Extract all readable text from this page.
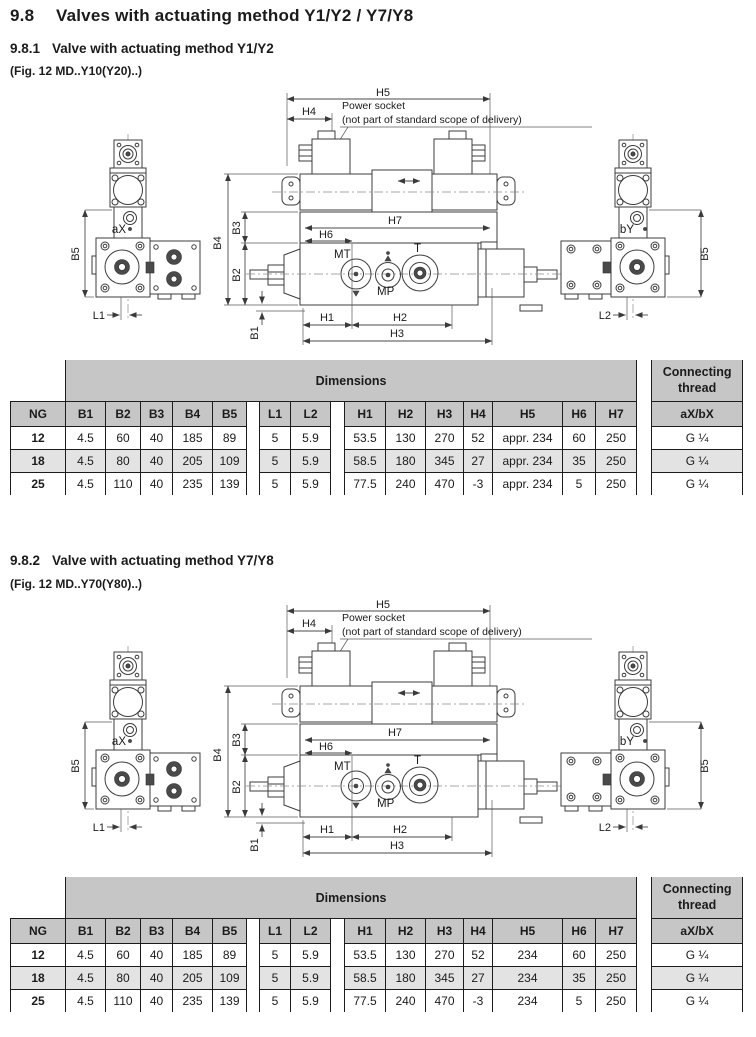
9.8 Valves with actuating method Y1/Y2 / Y7/Y8
9.8.1 Valve with actuating method Y1/Y2
(Fig. 12 MD..Y10(Y20)..)
H5
H4 Power socket
(not part of standard scope of delivery)
H7
H6
MT	T
MP
B4
B3
B2
B1
H1	H2
H3
aX
B5
L1
bY
B5
L2
	Dimensions																	Connecting
thread
NG	B1	B2	B3	B4	B5		L1	L2		H1	H2	H3	H4	H5	H6	H7		aX/bX
12	4.5	60	40	185	89		5	5.9		53.5	130	270	52	appr. 234	60	250		G ¼
18	4.5	80	40	205	109		5	5.9		58.5	180	345	27	appr. 234	35	250		G ¼
25	4.5	110	40	235	139		5	5.9		77.5	240	470	-3	appr. 234	5	250		G ¼
9.8.2 Valve with actuating method Y7/Y8
(Fig. 12 MD..Y70(Y80)..)
H5
H4 Power socket
(not part of standard scope of delivery)
H7
H6
MT	T
MP
B4
B3
B2
B1
H1	H2
H3
aX
B5
L1
bY
B5
L2
	Dimensions																	Connecting
thread
NG	B1	B2	B3	B4	B5		L1	L2		H1	H2	H3	H4	H5	H6	H7		aX/bX
12	4.5	60	40	185	89		5	5.9		53.5	130	270	52	234	60	250		G ¼
18	4.5	80	40	205	109		5	5.9		58.5	180	345	27	234	35	250		G ¼
25	4.5	110	40	235	139		5	5.9		77.5	240	470	-3	234	5	250		G ¼
